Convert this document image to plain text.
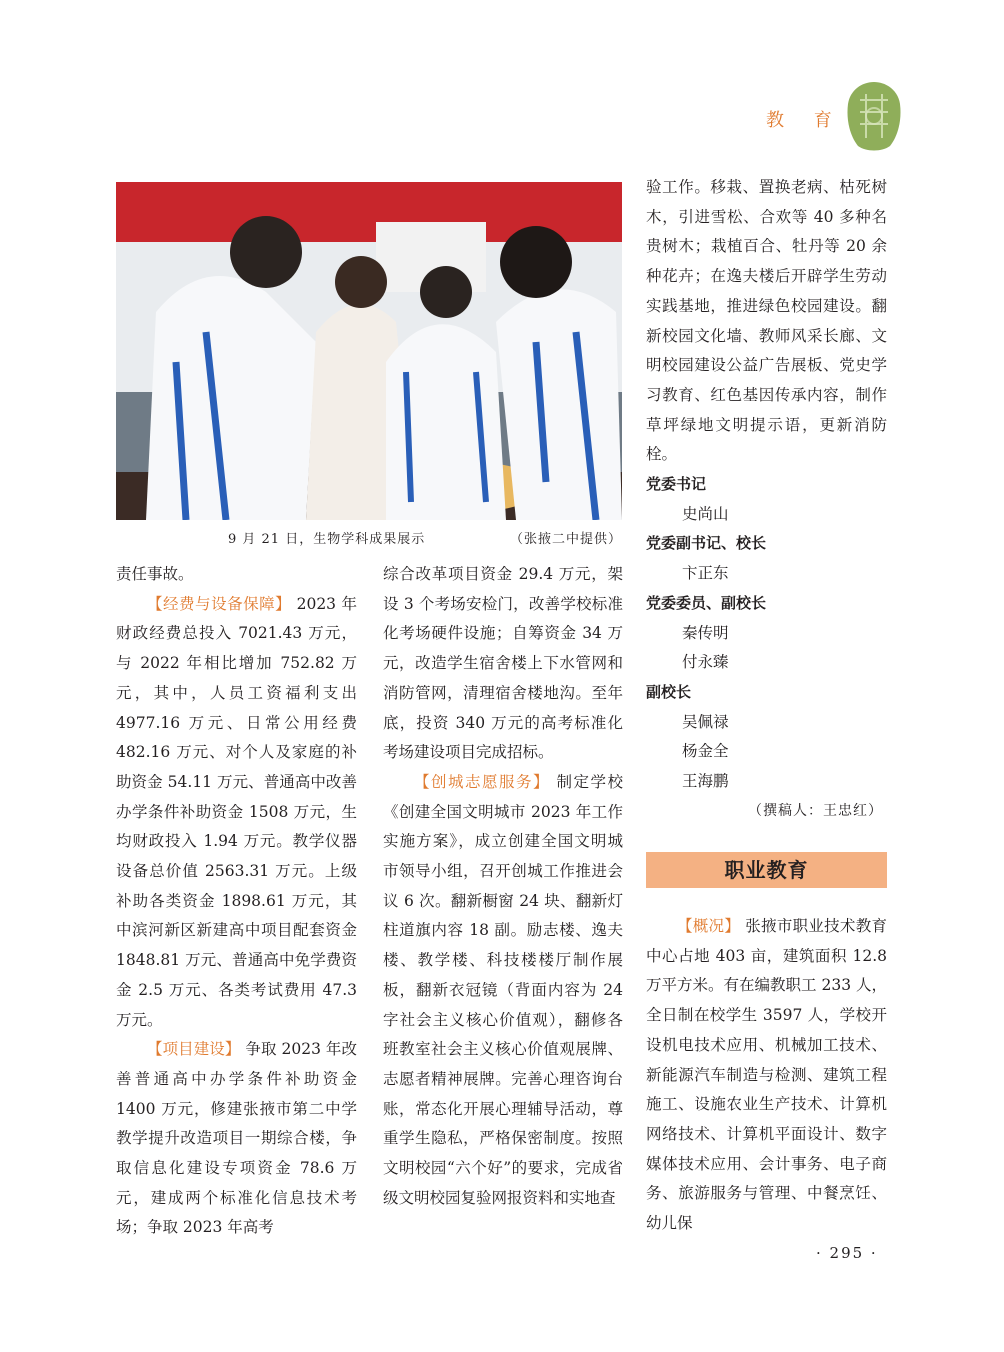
教 育
9 月 21 日，生物学科成果展示	（张掖二中提供）

责任事故。

【经费与设备保障】 2023 年财政经费总投入 7021.43 万元，与 2022 年相比增加 752.82 万元，其中，人员工资福利支出 4977.16 万元、日常公用经费 482.16 万元、对个人及家庭的补助资金 54.11 万元、普通高中改善办学条件补助资金 1508 万元，生均财政投入 1.94 万元。教学仪器设备总价值 2563.31 万元。上级补助各类资金 1898.61 万元，其中滨河新区新建高中项目配套资金 1848.81 万元、普通高中免学费资金 2.5 万元、各类考试费用 47.3 万元。

【项目建设】 争取 2023 年改善普通高中办学条件补助资金 1400 万元，修建张掖市第二中学教学提升改造项目一期综合楼，争取信息化建设专项资金 78.6 万元，建成两个标准化信息技术考场；争取 2023 年高考

综合改革项目资金 29.4 万元，架设 3 个考场安检门，改善学校标准化考场硬件设施；自筹资金 34 万元，改造学生宿舍楼上下水管网和消防管网，清理宿舍楼地沟。至年底，投资 340 万元的高考标准化考场建设项目完成招标。

【创城志愿服务】 制定学校《创建全国文明城市 2023 年工作实施方案》，成立创建全国文明城市领导小组，召开创城工作推进会议 6 次。翻新橱窗 24 块、翻新灯柱道旗内容 18 副。励志楼、逸夫楼、教学楼、科技楼楼厅制作展板，翻新衣冠镜（背面内容为 24 字社会主义核心价值观），翻修各班教室社会主义核心价值观展牌、志愿者精神展牌。完善心理咨询台账，常态化开展心理辅导活动，尊重学生隐私，严格保密制度。按照文明校园“六个好”的要求，完成省级文明校园复验网报资料和实地查

验工作。移栽、置换老病、枯死树木，引进雪松、合欢等 40 多种名贵树木；栽植百合、牡丹等 20 余种花卉；在逸夫楼后开辟学生劳动实践基地，推进绿色校园建设。翻新校园文化墙、教师风采长廊、文明校园建设公益广告展板、党史学习教育、红色基因传承内容，制作草坪绿地文明提示语，更新消防栓。

党委书记

史尚山

党委副书记、校长

卞正东

党委委员、副校长

秦传明

付永臻

副校长

吴佩禄

杨金全

王海鹏

（撰稿人：王忠红）

职业教育

【概况】 张掖市职业技术教育中心占地 403 亩，建筑面积 12.8 万平方米。有在编教职工 233 人，全日制在校学生 3597 人，学校开设机电技术应用、机械加工技术、新能源汽车制造与检测、建筑工程施工、设施农业生产技术、计算机网络技术、计算机平面设计、数字媒体技术应用、会计事务、电子商务、旅游服务与管理、中餐烹饪、幼儿保

· 295 ·
